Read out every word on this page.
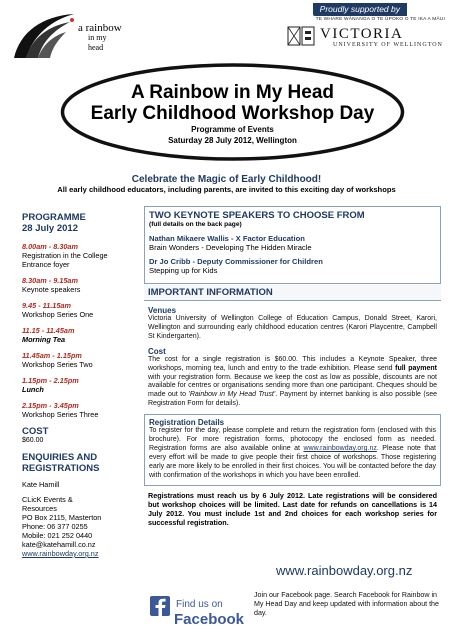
a rainbow
in my head
Proudly supported by
TE WHARE WĀNANGA O TE ŪPOKO O TE IKA A MĀUI
VICTORIA
UNIVERSITY OF WELLINGTON
A Rainbow in My Head
Early Childhood Workshop Day
Programme of Events
Saturday 28 July 2012, Wellington
Celebrate the Magic of Early Childhood!
All early childhood educators, including parents, are invited to this exciting day of workshops
PROGRAMME
28 July 2012
8.00am - 8.30am
Registration in the College Entrance foyer
8.30am - 9.15am
Keynote speakers
9.45 - 11.15am
Workshop Series One
11.15 - 11.45am
Morning Tea
11.45am - 1.15pm
Workshop Series Two
1.15pm - 2.15pm
Lunch
2.15pm - 3.45pm
Workshop Series Three
COST
$60.00
ENQUIRIES AND
REGISTRATIONS
Kate Hamill
CLicK Events &
Resources
PO Box 2115, Masterton
Phone: 06 377 0255
Mobile: 021 252 0440
kate@katehamill.co.nz
www.rainbowday.org.nz
TWO KEYNOTE SPEAKERS TO CHOOSE FROM
(full details on the back page)
Nathan Mikaere Wallis - X Factor Education
Brain Wonders - Developing The Hidden Miracle
Dr Jo Cribb - Deputy Commissioner for Children
Stepping up for Kids
IMPORTANT INFORMATION
Venues
Victoria University of Wellington College of Education Campus, Donald Street, Karori, Wellington and surrounding early childhood education centres (Karori Playcentre, Campbell St Kindergarten).
Cost
The cost for a single registration is $60.00. This includes a Keynote Speaker, three workshops, morning tea, lunch and entry to the trade exhibition. Please send full payment with your registration form. Because we keep the cost as low as possible, discounts are not available for centres or organisations sending more than one participant. Cheques should be made out to 'Rainbow in My Head Trust'. Payment by internet banking is also possible (see Registration Form for details).
Registration Details
To register for the day, please complete and return the registration form (enclosed with this brochure). For more registration forms, photocopy the enclosed form as needed. Registration forms are also available online at www.rainbowday.org.nz. Please note that every effort will be made to give people their first choice of workshops. Those registering early are more likely to be enrolled in their first choices. You will be contacted before the day with confirmation of the workshops in which you have been enrolled.
Registrations must reach us by 6 July 2012. Late registrations will be considered but workshop choices will be limited. Last date for refunds on cancellations is 14 July 2012. You must include 1st and 2nd choices for each workshop series for successful registration.
www.rainbowday.org.nz
Find us on
Facebook
Join our Facebook page. Search Facebook for Rainbow in My Head Day and keep updated with information about the day.
